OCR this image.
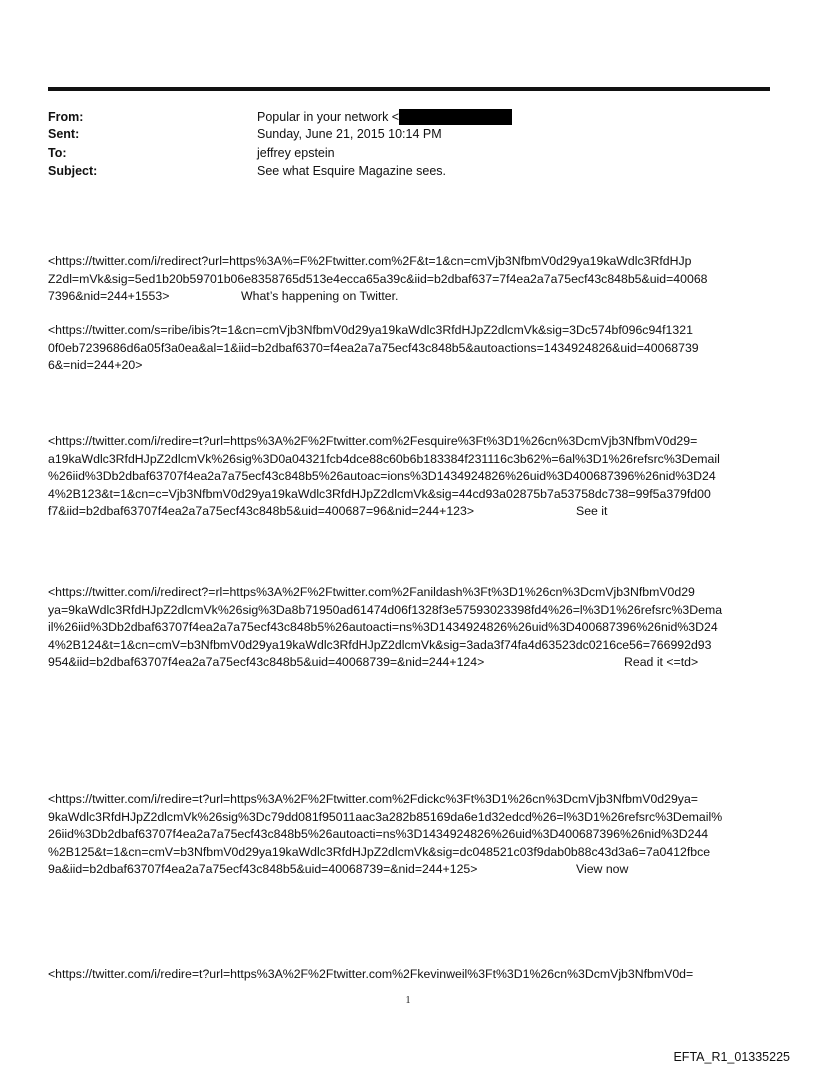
From:	Popular in your network <
Sent:	Sunday, June 21, 2015 10:14 PM
To:	jeffrey epstein
Subject:	See what Esquire Magazine sees.
<https://twitter.com/i/redirect?url=https%3A%=F%2Ftwitter.com%2F&t=1&cn=cmVjb3NfbmV0d29ya19kaWdlc3RfdHJp
Z2dl=mVk&sig=5ed1b20b59701b06e8358765d513e4ecca65a39c&iid=b2dbaf637=7f4ea2a7a75ecf43c848b5&uid=40068
7396&nid=244+1553>	What’s happening on Twitter.
<https://twitter.com/s=ribe/ibis?t=1&cn=cmVjb3NfbmV0d29ya19kaWdlc3RfdHJpZ2dlcmVk&sig=3Dc574bf096c94f1321
0f0eb7239686d6a05f3a0ea&al=1&iid=b2dbaf6370=f4ea2a7a75ecf43c848b5&autoactions=1434924826&uid=40068739
6&=nid=244+20>
<https://twitter.com/i/redire=t?url=https%3A%2F%2Ftwitter.com%2Fesquire%3Ft%3D1%26cn%3DcmVjb3NfbmV0d29=
a19kaWdlc3RfdHJpZ2dlcmVk%26sig%3D0a04321fcb4dce88c60b6b183384f231116c3b62%=6al%3D1%26refsrc%3Demail
%26iid%3Db2dbaf63707f4ea2a7a75ecf43c848b5%26autoac=ions%3D1434924826%26uid%3D400687396%26nid%3D24
4%2B123&t=1&cn=c=Vjb3NfbmV0d29ya19kaWdlc3RfdHJpZ2dlcmVk&sig=44cd93a02875b7a53758dc738=99f5a379fd00
f7&iid=b2dbaf63707f4ea2a7a75ecf43c848b5&uid=400687=96&nid=244+123>	See it
<https://twitter.com/i/redirect?=rl=https%3A%2F%2Ftwitter.com%2Fanildash%3Ft%3D1%26cn%3DcmVjb3NfbmV0d29
ya=9kaWdlc3RfdHJpZ2dlcmVk%26sig%3Da8b71950ad61474d06f1328f3e57593023398fd4%26=l%3D1%26refsrc%3Dema
il%26iid%3Db2dbaf63707f4ea2a7a75ecf43c848b5%26autoacti=ns%3D1434924826%26uid%3D400687396%26nid%3D24
4%2B124&t=1&cn=cmV=b3NfbmV0d29ya19kaWdlc3RfdHJpZ2dlcmVk&sig=3ada3f74fa4d63523dc0216ce56=766992d93
954&iid=b2dbaf63707f4ea2a7a75ecf43c848b5&uid=40068739=&nid=244+124>	Read it <=td>
<https://twitter.com/i/redire=t?url=https%3A%2F%2Ftwitter.com%2Fdickc%3Ft%3D1%26cn%3DcmVjb3NfbmV0d29ya=
9kaWdlc3RfdHJpZ2dlcmVk%26sig%3Dc79dd081f95011aac3a282b85169da6e1d32edcd%26=l%3D1%26refsrc%3Demail%
26iid%3Db2dbaf63707f4ea2a7a75ecf43c848b5%26autoacti=ns%3D1434924826%26uid%3D400687396%26nid%3D244
%2B125&t=1&cn=cmV=b3NfbmV0d29ya19kaWdlc3RfdHJpZ2dlcmVk&sig=dc048521c03f9dab0b88c43d3a6=7a0412fbce
9a&iid=b2dbaf63707f4ea2a7a75ecf43c848b5&uid=40068739=&nid=244+125>	View now
<https://twitter.com/i/redire=t?url=https%3A%2F%2Ftwitter.com%2Fkevinweil%3Ft%3D1%26cn%3DcmVjb3NfbmV0d=
1
EFTA_R1_01335225
